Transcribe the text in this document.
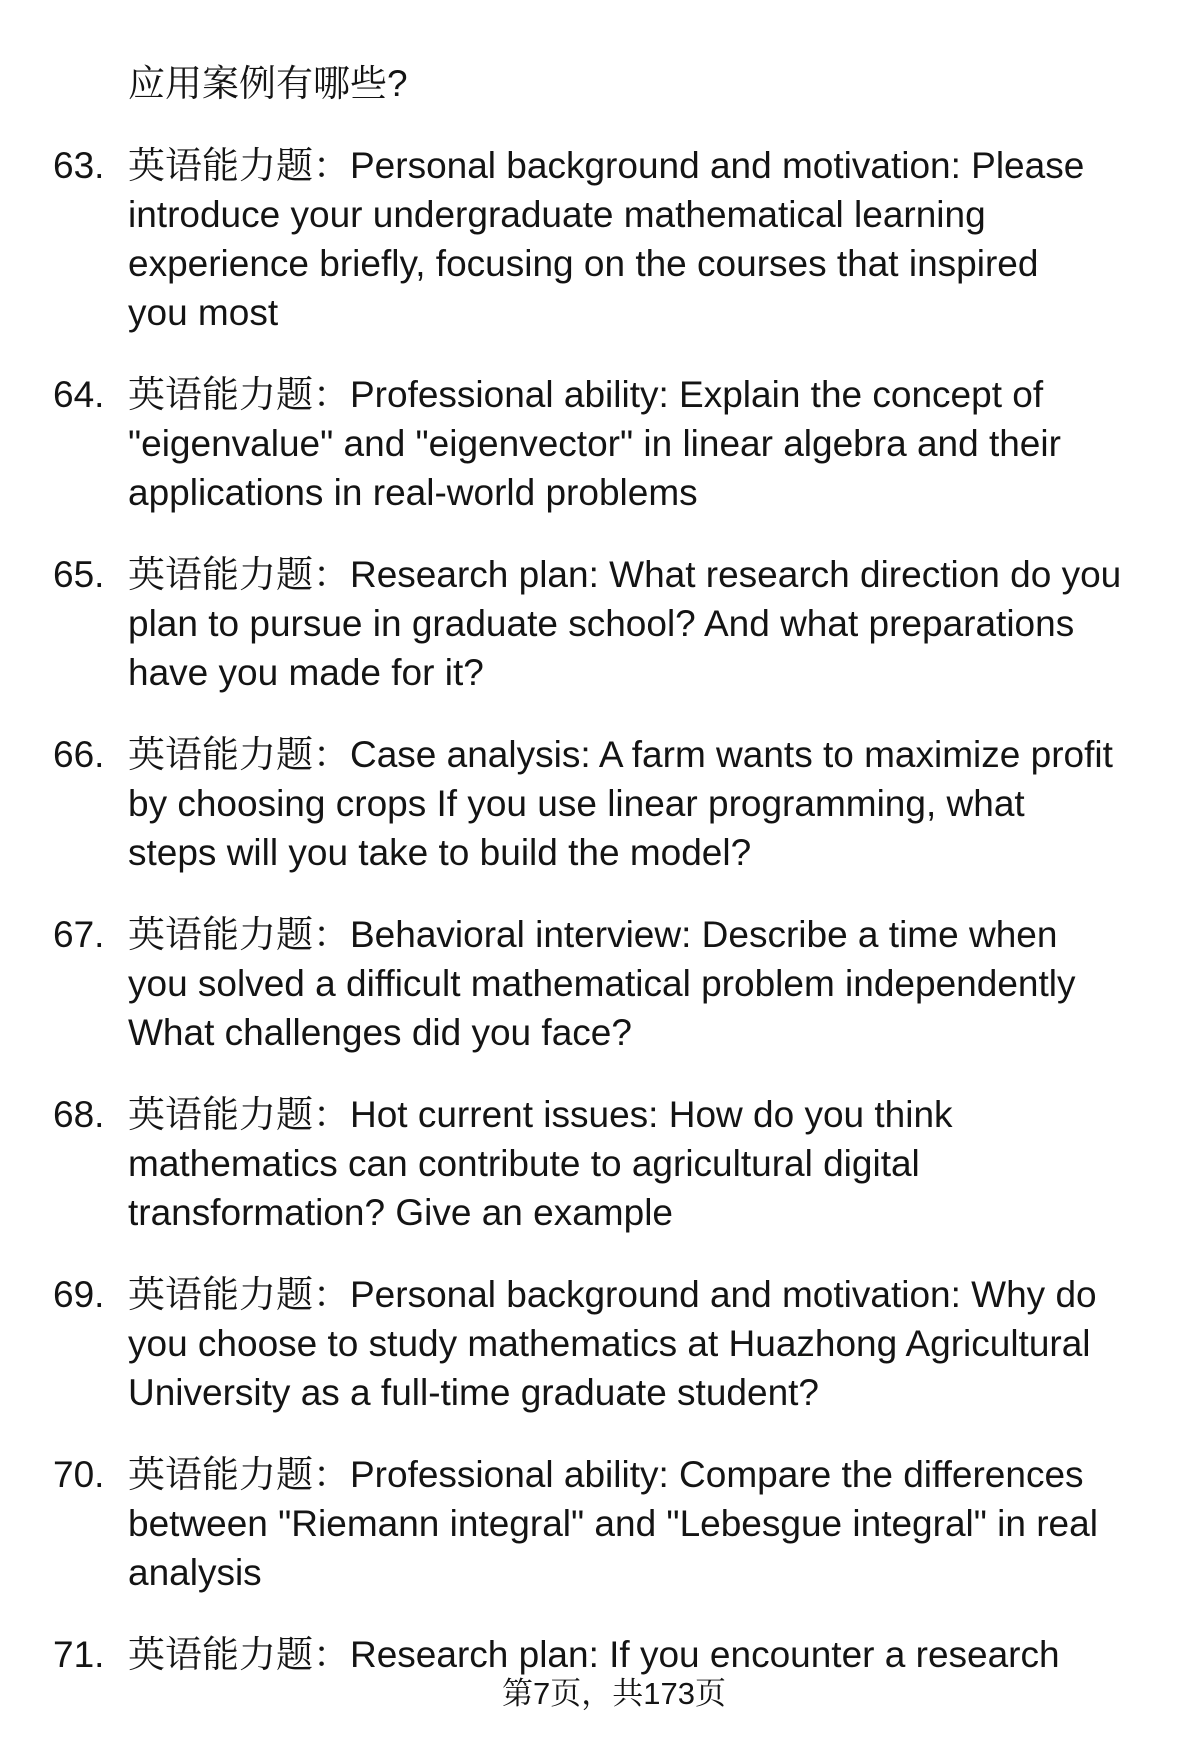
应用案例有哪些?
63. 英语能力题：Personal background and motivation: Please
introduce your undergraduate mathematical learning
experience briefly, focusing on the courses that inspired
you most
64. 英语能力题：Professional ability: Explain the concept of
"eigenvalue" and "eigenvector" in linear algebra and their
applications in real-world problems
65. 英语能力题：Research plan: What research direction do you
plan to pursue in graduate school? And what preparations
have you made for it?
66. 英语能力题：Case analysis: A farm wants to maximize profit
by choosing crops If you use linear programming, what
steps will you take to build the model?
67. 英语能力题：Behavioral interview: Describe a time when
you solved a difficult mathematical problem independently
What challenges did you face?
68. 英语能力题：Hot current issues: How do you think
mathematics can contribute to agricultural digital
transformation? Give an example
69. 英语能力题：Personal background and motivation: Why do
you choose to study mathematics at Huazhong Agricultural
University as a full-time graduate student?
70. 英语能力题：Professional ability: Compare the differences
between "Riemann integral" and "Lebesgue integral" in real
analysis
71. 英语能力题：Research plan: If you encounter a research
第7页，共173页
